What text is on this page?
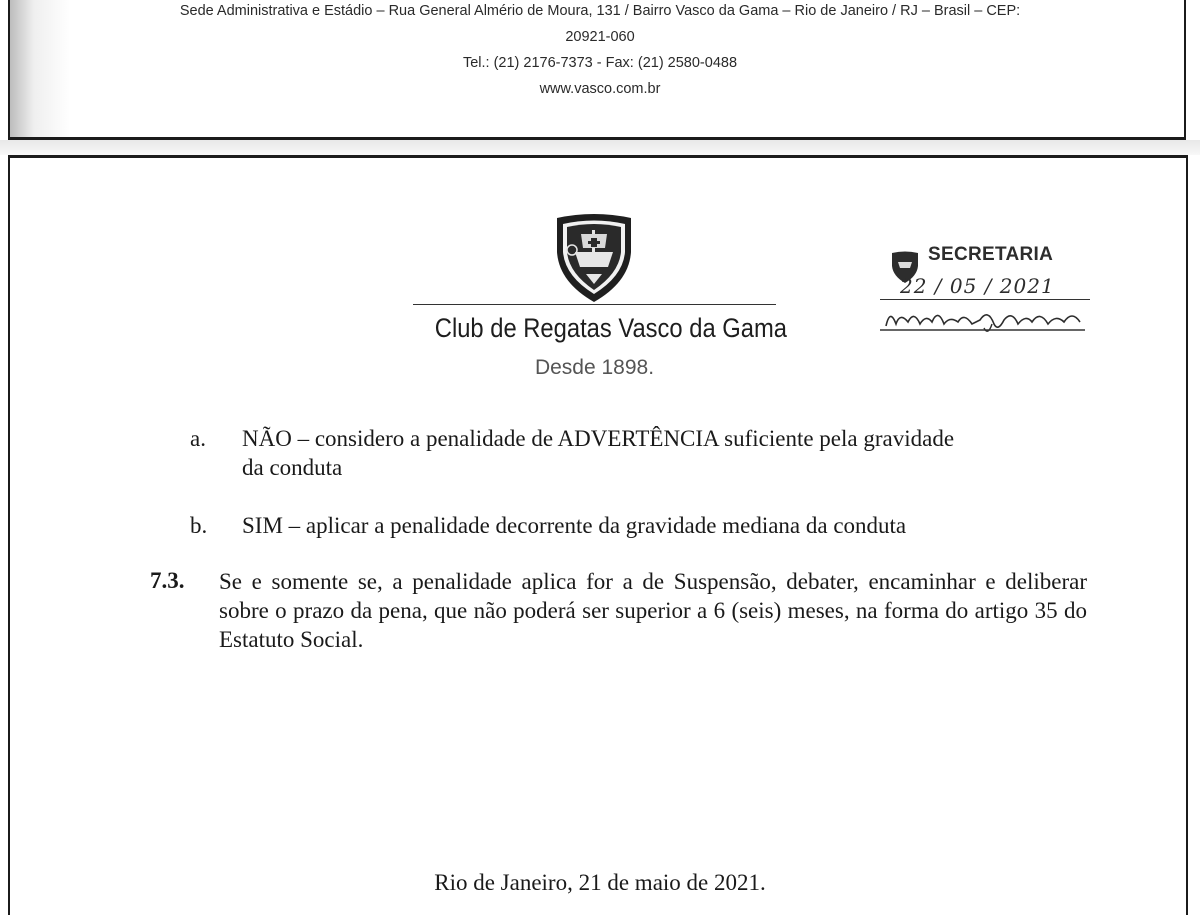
Sede Administrativa e Estádio – Rua General Almério de Moura, 131 / Bairro Vasco da Gama – Rio de Janeiro / RJ – Brasil – CEP:
20921-060
Tel.: (21) 2176-7373 - Fax: (21) 2580-0488
www.vasco.com.br
Club de Regatas Vasco da Gama
Desde 1898.
SECRETARIA
22 / 05 / 2021
a. NÃO – considero a penalidade de ADVERTÊNCIA suficiente pela gravidade
da conduta
b. SIM – aplicar a penalidade decorrente da gravidade mediana da conduta
7.3. Se e somente se, a penalidade aplica for a de Suspensão, debater, encaminhar e deliberar sobre o prazo da pena, que não poderá ser superior a 6 (seis) meses, na forma do artigo 35 do Estatuto Social.
Rio de Janeiro, 21 de maio de 2021.
